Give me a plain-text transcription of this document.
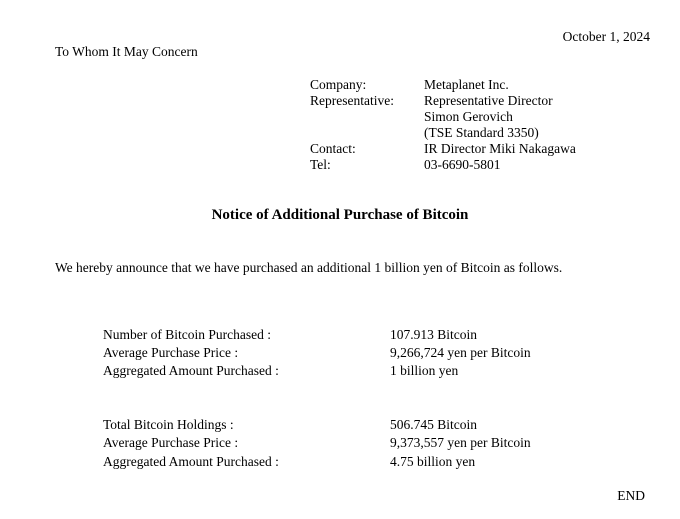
October 1, 2024
To Whom It May Concern
Company:	Metaplanet Inc.
Representative: Representative Director
Simon Gerovich
(TSE Standard 3350)
Contact:	IR Director Miki Nakagawa
Tel:	03-6690-5801
Notice of Additional Purchase of Bitcoin
We hereby announce that we have purchased an additional 1 billion yen of Bitcoin as follows.
Number of Bitcoin Purchased :	107.913 Bitcoin
Average Purchase Price :	9,266,724 yen per Bitcoin
Aggregated Amount Purchased :	1 billion yen
Total Bitcoin Holdings :	506.745 Bitcoin
Average Purchase Price :	9,373,557 yen per Bitcoin
Aggregated Amount Purchased :	4.75 billion yen
END
